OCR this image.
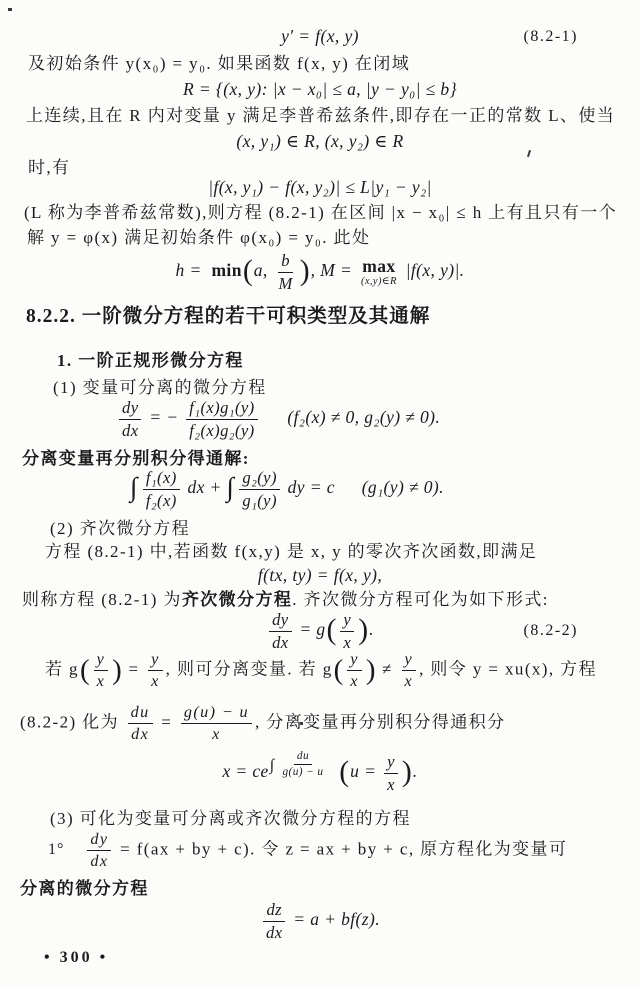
y′ = f(x, y)	(8.2-1)
及初始条件 y(x₀) = y₀. 如果函数 f(x, y) 在闭域
R = {(x, y): |x − x₀| ≤ a, |y − y₀| ≤ b}
上连续,且在 R 内对变量 y 满足李普希兹条件,即存在一正的常数 L、使当
(x, y₁) ∈ R, (x, y₂) ∈ R
时,有
|f(x, y₁) − f(x, y₂)| ≤ L|y₁ − y₂|
(L 称为李普希兹常数),则方程 (8.2-1) 在区间 |x − x₀| ≤ h 上有且只有一个
解 y = φ(x) 满足初始条件 φ(x₀) = y₀. 此处
h = min(a, $\frac{b}{M}$ ), M = max
(x,y)∈R
|f(x, y)|.
8.2.2. 一阶微分方程的若干可积类型及其通解
1. 一阶正规形微分方程
(1) 变量可分离的微分方程
$\frac{dy}{dx}$ = − $\frac{\text{f₁(x)g₁(y)}}{\text{f₂(x)g₂(y)}} (f_2(x) \ne 0$, g₂(y) ≠ 0).
分离变量再分别积分得通解:
∫ $\frac{\text{f₁(x)}}{\text{f₂(x)}}$ dx + ∫ $\frac{\text{g₂(y)}}{\text{g₁(y)}}$ dy = c (g₁(y) ≠ 0).
(2) 齐次微分方程
方程 (8.2-1) 中,若函数 f(x,y) 是 x, y 的零次齐次函数,即满足
f(tx, ty) = f(x, y),
则称方程 (8.2-1) 为齐次微分方程. 齐次微分方程可化为如下形式:
$\frac{dy}{dx} = g( \frac{y}{x}$ ).	(8.2-2)
若 $g( \frac{y}{x}$ ) = $\frac{y}{x}$ , 则可分离变量. 若 $g( \frac{y}{x}$ ) ≠ $\frac{y}{x}$ , 则令 y = xu(x), 方程
(8.2-2) 化为 $\frac{du}{dx} = \frac{g(u) - u}{x}$ , 分离变量再分别积分得通积分
$x = ce\int \frac{du}{g(u) - u} (u = \frac{y}{x}$ ).
(3) 可化为变量可分离或齐次微分方程的方程
$1^\circ \frac{dy}{dx} = f(ax$ + by + c). 令 z = ax + by + c, 原方程化为变量可
分离的微分方程
$\frac{dz}{dx} = a + bf(z)$.
• 300 •
